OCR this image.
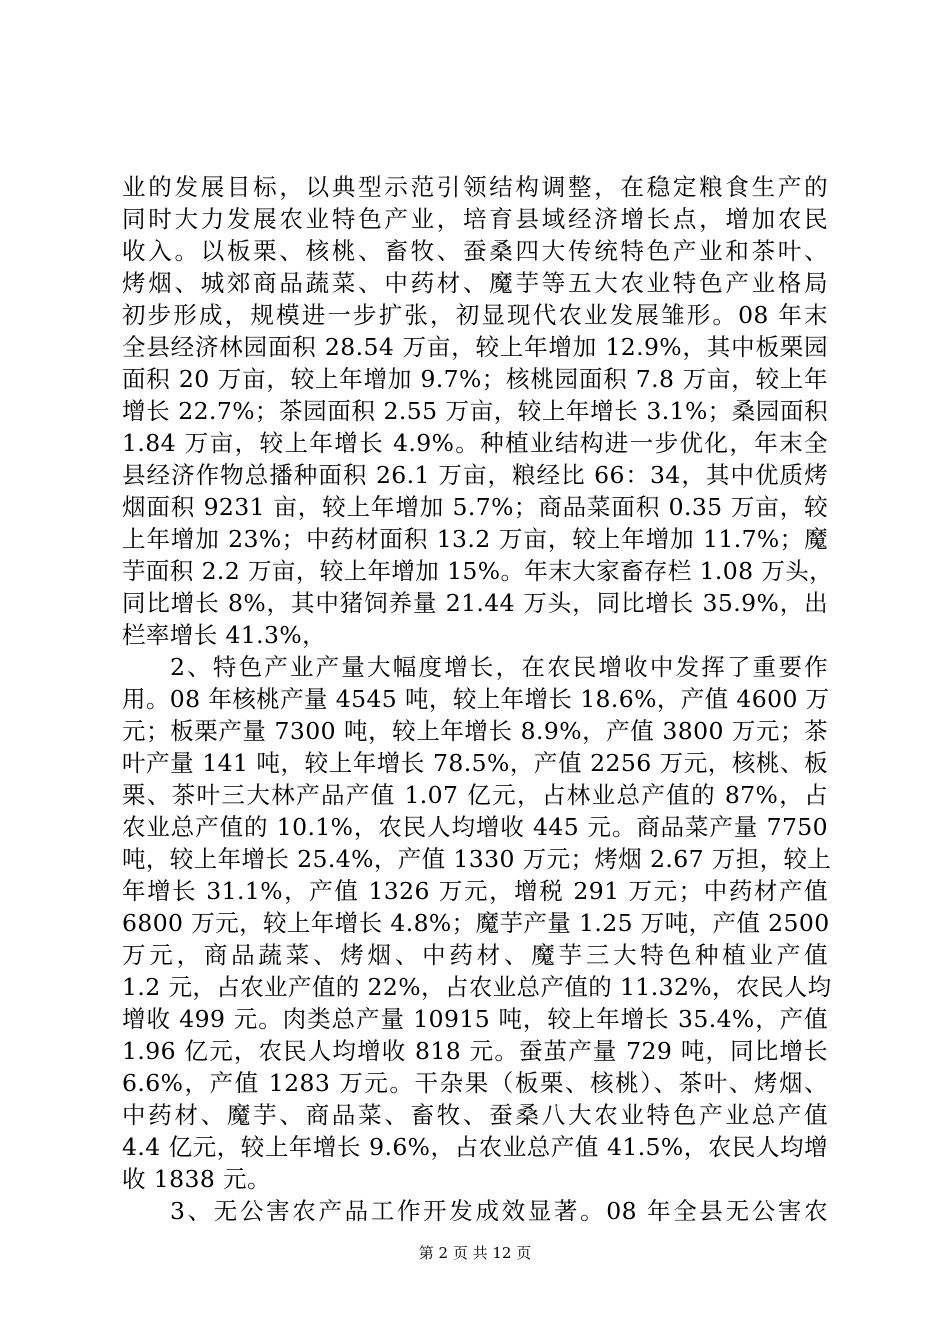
业的发展目标，以典型示范引领结构调整，在稳定粮食生产的
同时大力发展农业特色产业，培育县域经济增长点，增加农民
收入。以板栗、核桃、畜牧、蚕桑四大传统特色产业和茶叶、
烤烟、城郊商品蔬菜、中药材、魔芋等五大农业特色产业格局
初步形成，规模进一步扩张，初显现代农业发展雏形。08 年末
全县经济林园面积 28.54 万亩，较上年增加 12.9%，其中板栗园
面积 20 万亩，较上年增加 9.7%；核桃园面积 7.8 万亩，较上年
增长 22.7%；茶园面积 2.55 万亩，较上年增长 3.1%；桑园面积
1.84 万亩，较上年增长 4.9%。种植业结构进一步优化，年末全
县经济作物总播种面积 26.1 万亩，粮经比 66：34，其中优质烤
烟面积 9231 亩，较上年增加 5.7%；商品菜面积 0.35 万亩，较
上年增加 23%；中药材面积 13.2 万亩，较上年增加 11.7%；魔
芋面积 2.2 万亩，较上年增加 15%。年末大家畜存栏 1.08 万头，
同比增长 8%，其中猪饲养量 21.44 万头，同比增长 35.9%，出
栏率增长 41.3%，
2、特色产业产量大幅度增长，在农民增收中发挥了重要作
用。08 年核桃产量 4545 吨，较上年增长 18.6%，产值 4600 万
元；板栗产量 7300 吨，较上年增长 8.9%，产值 3800 万元；茶
叶产量 141 吨，较上年增长 78.5%，产值 2256 万元，核桃、板
栗、茶叶三大林产品产值 1.07 亿元，占林业总产值的 87%，占
农业总产值的 10.1%，农民人均增收 445 元。商品菜产量 7750
吨，较上年增长 25.4%，产值 1330 万元；烤烟 2.67 万担，较上
年增长 31.1%，产值 1326 万元，增税 291 万元；中药材产值
6800 万元，较上年增长 4.8%；魔芋产量 1.25 万吨，产值 2500
万元，商品蔬菜、烤烟、中药材、魔芋三大特色种植业产值
1.2 元，占农业产值的 22%，占农业总产值的 11.32%，农民人均
增收 499 元。肉类总产量 10915 吨，较上年增长 35.4%，产值
1.96 亿元，农民人均增收 818 元。蚕茧产量 729 吨，同比增长
6.6%，产值 1283 万元。干杂果（板栗、核桃）、茶叶、烤烟、
中药材、魔芋、商品菜、畜牧、蚕桑八大农业特色产业总产值
4.4 亿元，较上年增长 9.6%，占农业总产值 41.5%，农民人均增
收 1838 元。
3、无公害农产品工作开发成效显著。08 年全县无公害农
第 2 页 共 12 页
